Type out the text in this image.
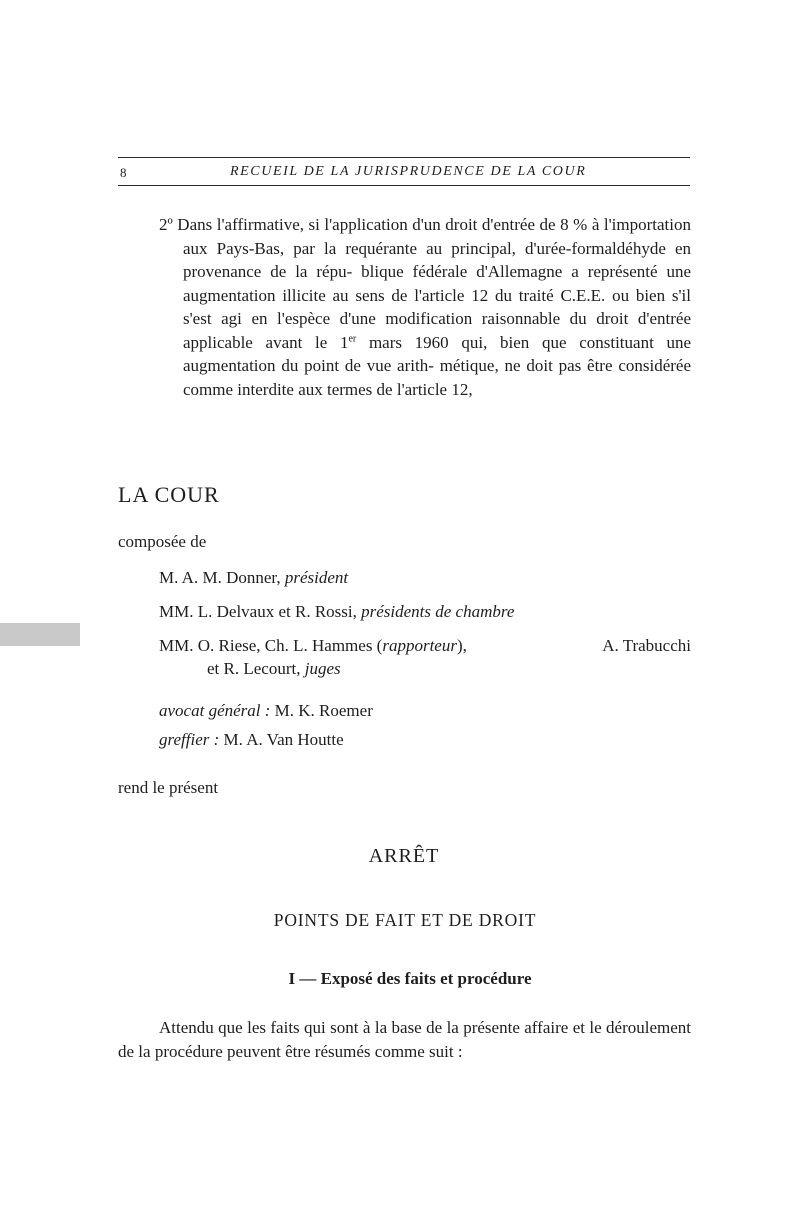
8	RECUEIL DE LA JURISPRUDENCE DE LA COUR

2º Dans l'affirmative, si l'application d'un droit d'entrée de 8 % à l'importation aux Pays-Bas, par la requérante au principal, d'urée-formaldéhyde en provenance de la répu- blique fédérale d'Allemagne a représenté une augmentation illicite au sens de l'article 12 du traité C.E.E. ou bien s'il s'est agi en l'espèce d'une modification raisonnable du droit d'entrée applicable avant le 1er mars 1960 qui, bien que constituant une augmentation du point de vue arith- métique, ne doit pas être considérée comme interdite aux termes de l'article 12,

LA COUR
composée de
M. A. M. Donner, président
MM. L. Delvaux et R. Rossi, présidents de chambre
MM. O. Riese, Ch. L. Hammes (rapporteur),	A. Trabucchi
et R. Lecourt, juges
avocat général : M. K. Roemer
greffier : M. A. Van Houtte
rend le présent
ARRÊT
POINTS DE FAIT ET DE DROIT
I — Exposé des faits et procédure

Attendu que les faits qui sont à la base de la présente affaire et le déroulement de la procédure peuvent être résumés comme suit :
